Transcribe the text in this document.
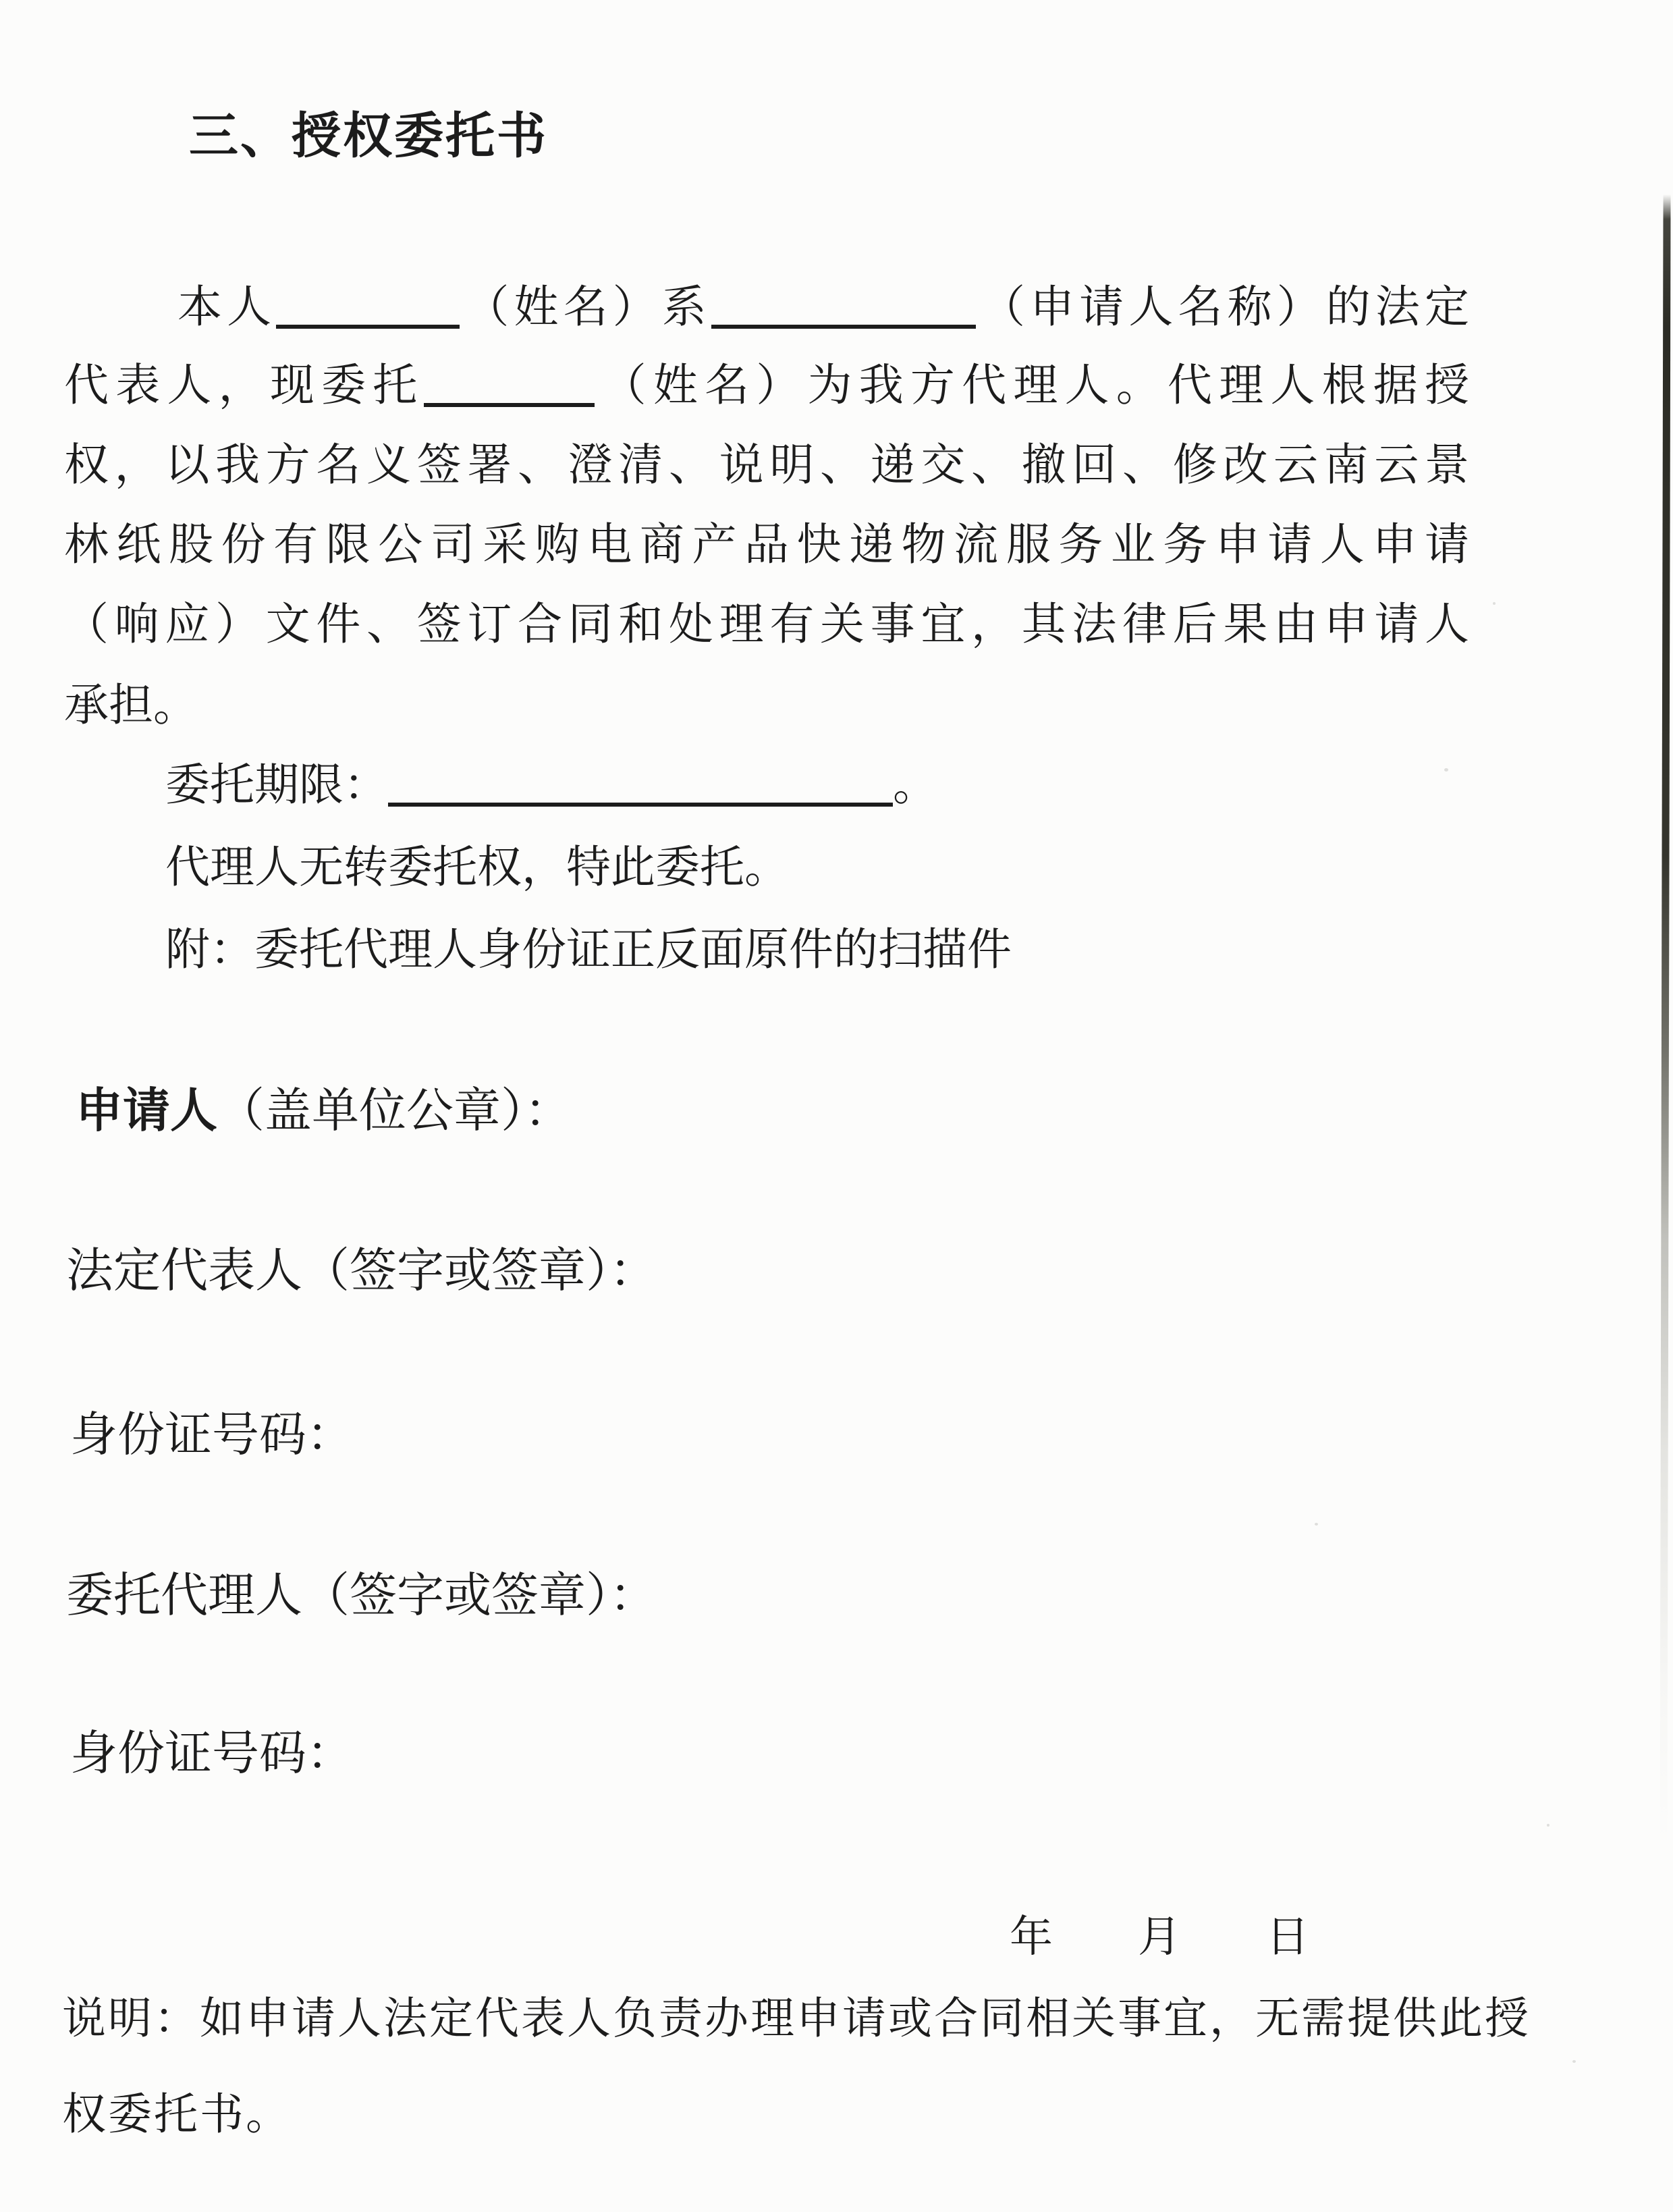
三、授权委托书
本人	（姓名）系	（申请人名称）的法定
代表人，现委托	（姓名）为我方代理人。代理人根据授
权，以我方名义签署、澄清、说明、递交、撤回、修改云南云景
林纸股份有限公司采购电商产品快递物流服务业务申请人申请
（响应）文件、签订合同和处理有关事宜，其法律后果由申请人
承担。
委托期限：	。
代理人无转委托权，特此委托。
附：委托代理人身份证正反面原件的扫描件
申请人（盖单位公章）：
法定代表人（签字或签章）：
身份证号码：
委托代理人（签字或签章）：
身份证号码：
年 月 日
说明：如申请人法定代表人负责办理申请或合同相关事宜，无需提供此授
权委托书。
